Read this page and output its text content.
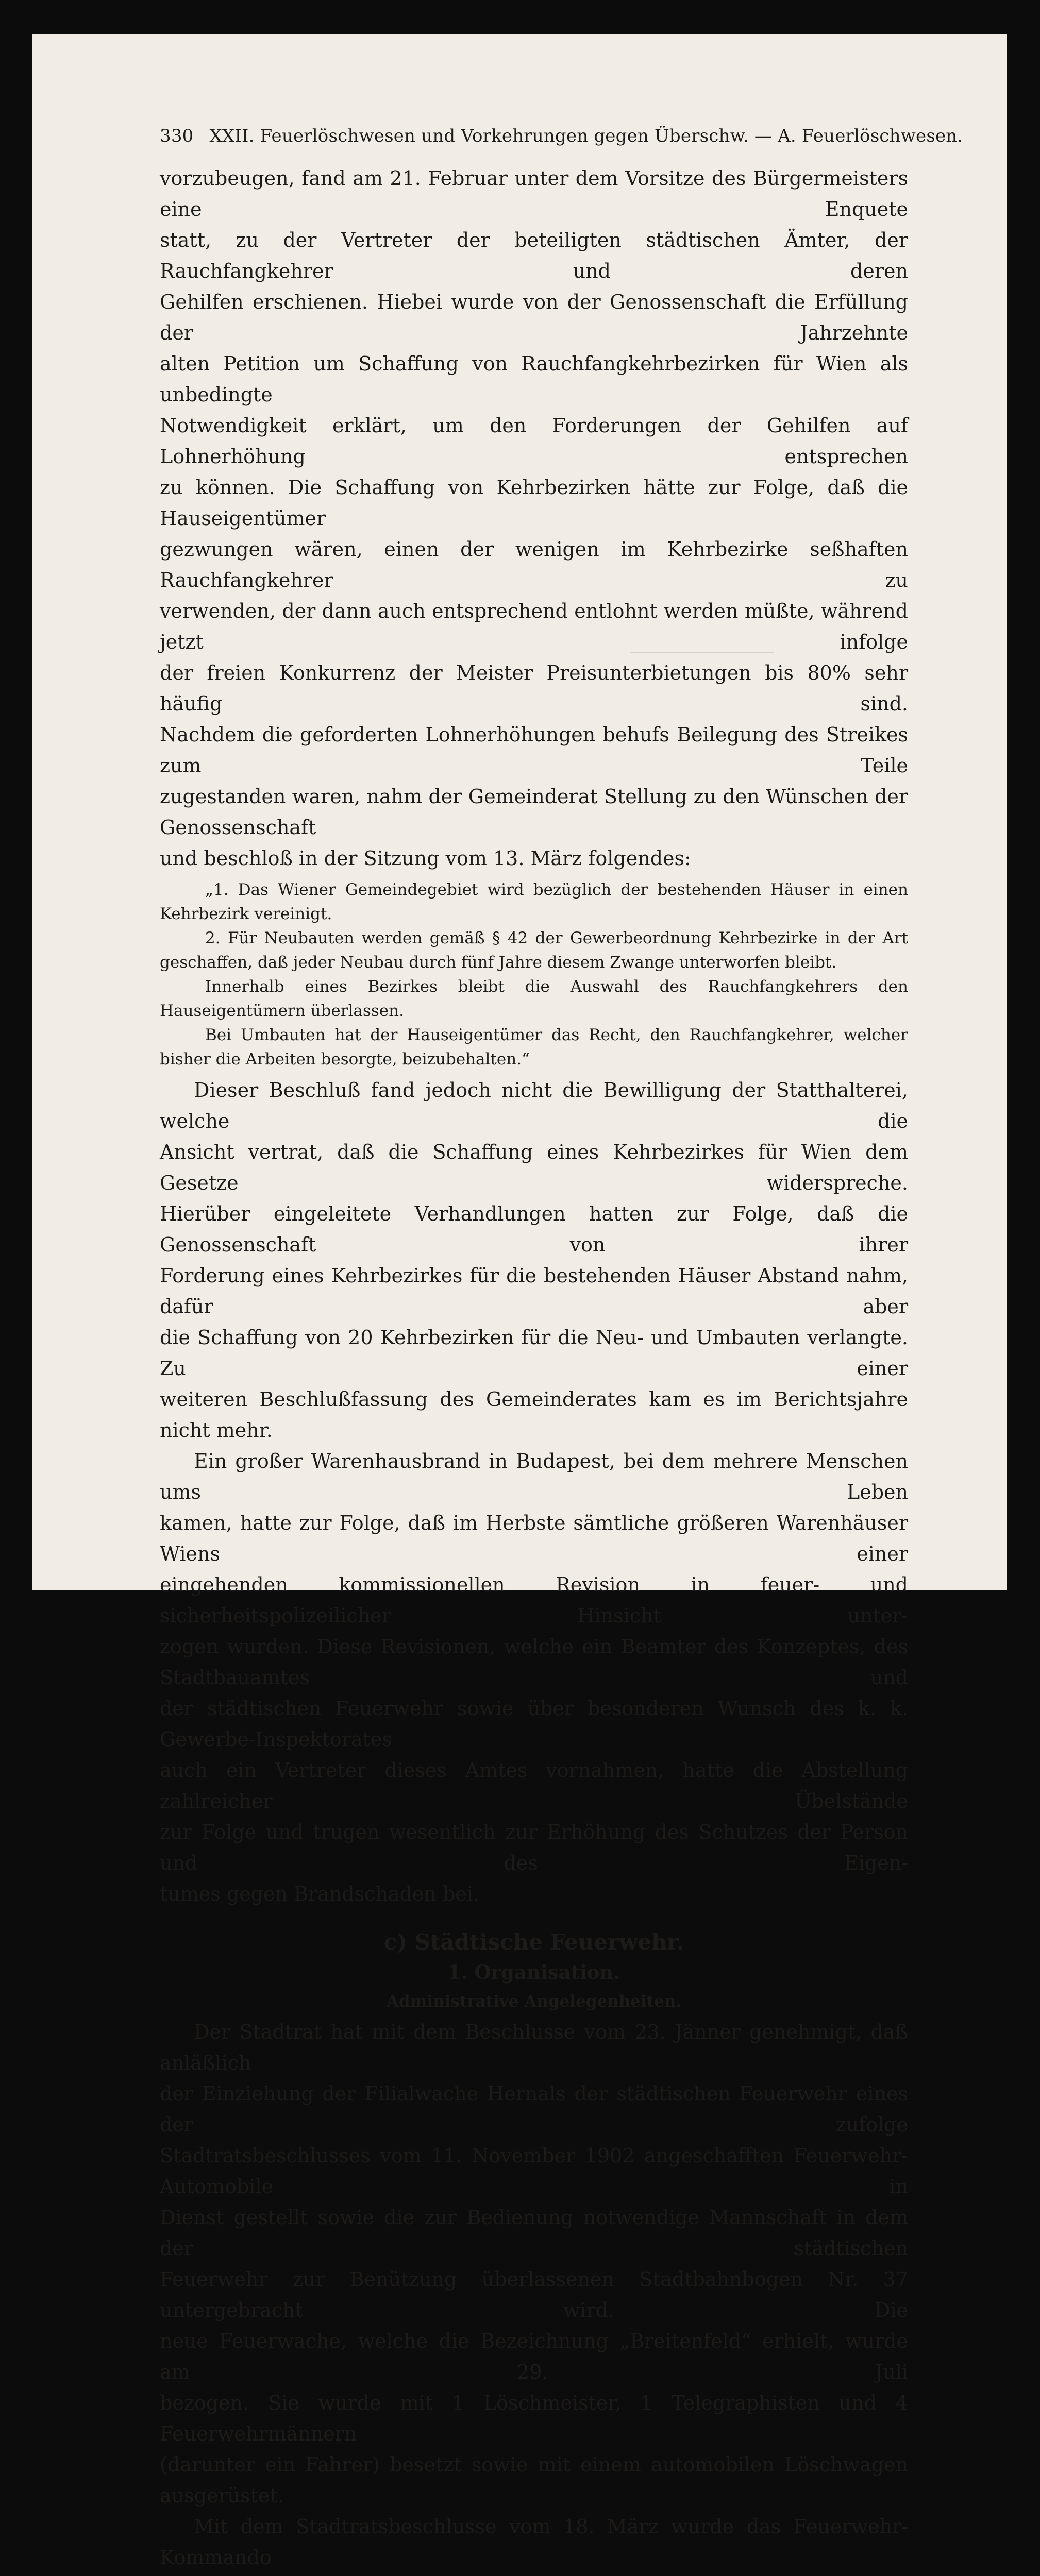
330 XXII. Feuerlöschwesen und Vorkehrungen gegen Überschw. — A. Feuerlöschwesen.
vorzubeugen, fand am 21. Februar unter dem Vorsitze des Bürgermeisters eine Enquete
statt, zu der Vertreter der beteiligten städtischen Ämter, der Rauchfangkehrer und deren
Gehilfen erschienen. Hiebei wurde von der Genossenschaft die Erfüllung der Jahrzehnte
alten Petition um Schaffung von Rauchfangkehrbezirken für Wien als unbedingte
Notwendigkeit erklärt, um den Forderungen der Gehilfen auf Lohnerhöhung entsprechen
zu können. Die Schaffung von Kehrbezirken hätte zur Folge, daß die Hauseigentümer
gezwungen wären, einen der wenigen im Kehrbezirke seßhaften Rauchfangkehrer zu
verwenden, der dann auch entsprechend entlohnt werden müßte, während jetzt infolge
der freien Konkurrenz der Meister Preisunterbietungen bis 80% sehr häufig sind.
Nachdem die geforderten Lohnerhöhungen behufs Beilegung des Streikes zum Teile
zugestanden waren, nahm der Gemeinderat Stellung zu den Wünschen der Genossenschaft
und beschloß in der Sitzung vom 13. März folgendes:
„1. Das Wiener Gemeindegebiet wird bezüglich der bestehenden Häuser in einen Kehrbezirk vereinigt.
2. Für Neubauten werden gemäß § 42 der Gewerbeordnung Kehrbezirke in der Art geschaffen, daß jeder Neubau durch fünf Jahre diesem Zwange unterworfen bleibt.
Innerhalb eines Bezirkes bleibt die Auswahl des Rauchfangkehrers den Hauseigentümern überlassen.
Bei Umbauten hat der Hauseigentümer das Recht, den Rauchfangkehrer, welcher bisher die Arbeiten besorgte, beizubehalten.“
Dieser Beschluß fand jedoch nicht die Bewilligung der Statthalterei, welche die
Ansicht vertrat, daß die Schaffung eines Kehrbezirkes für Wien dem Gesetze widerspreche.
Hierüber eingeleitete Verhandlungen hatten zur Folge, daß die Genossenschaft von ihrer
Forderung eines Kehrbezirkes für die bestehenden Häuser Abstand nahm, dafür aber
die Schaffung von 20 Kehrbezirken für die Neu- und Umbauten verlangte. Zu einer
weiteren Beschlußfassung des Gemeinderates kam es im Berichtsjahre nicht mehr.
Ein großer Warenhausbrand in Budapest, bei dem mehrere Menschen ums Leben
kamen, hatte zur Folge, daß im Herbste sämtliche größeren Warenhäuser Wiens einer
eingehenden kommissionellen Revision in feuer- und sicherheitspolizeilicher Hinsicht unter-
zogen wurden. Diese Revisionen, welche ein Beamter des Konzeptes, des Stadtbauamtes und
der städtischen Feuerwehr sowie über besonderen Wunsch des k. k. Gewerbe-Inspektorates
auch ein Vertreter dieses Amtes vornahmen, hatte die Abstellung zahlreicher Übelstände
zur Folge und trugen wesentlich zur Erhöhung des Schutzes der Person und des Eigen-
tumes gegen Brandschaden bei.
c) Städtische Feuerwehr.
1. Organisation.
Administrative Angelegenheiten.
Der Stadtrat hat mit dem Beschlusse vom 23. Jänner genehmigt, daß anläßlich
der Einziehung der Filialwache Hernals der städtischen Feuerwehr eines der zufolge
Stadtratsbeschlusses vom 11. November 1902 angeschafften Feuerwehr-Automobile in
Dienst gestellt sowie die zur Bedienung notwendige Mannschaft in dem der städtischen
Feuerwehr zur Benützung überlassenen Stadtbahnbogen Nr. 37 untergebracht wird. Die
neue Feuerwache, welche die Bezeichnung „Breitenfeld“ erhielt, wurde am 29. Juli
bezogen. Sie wurde mit 1 Löschmeister, 1 Telegraphisten und 4 Feuerwehrmännern
(darunter ein Fahrer) besetzt sowie mit einem automobilen Löschwagen ausgerüstet.
Mit dem Stadtratsbeschlusse vom 18. März wurde das Feuerwehr-Kommando
